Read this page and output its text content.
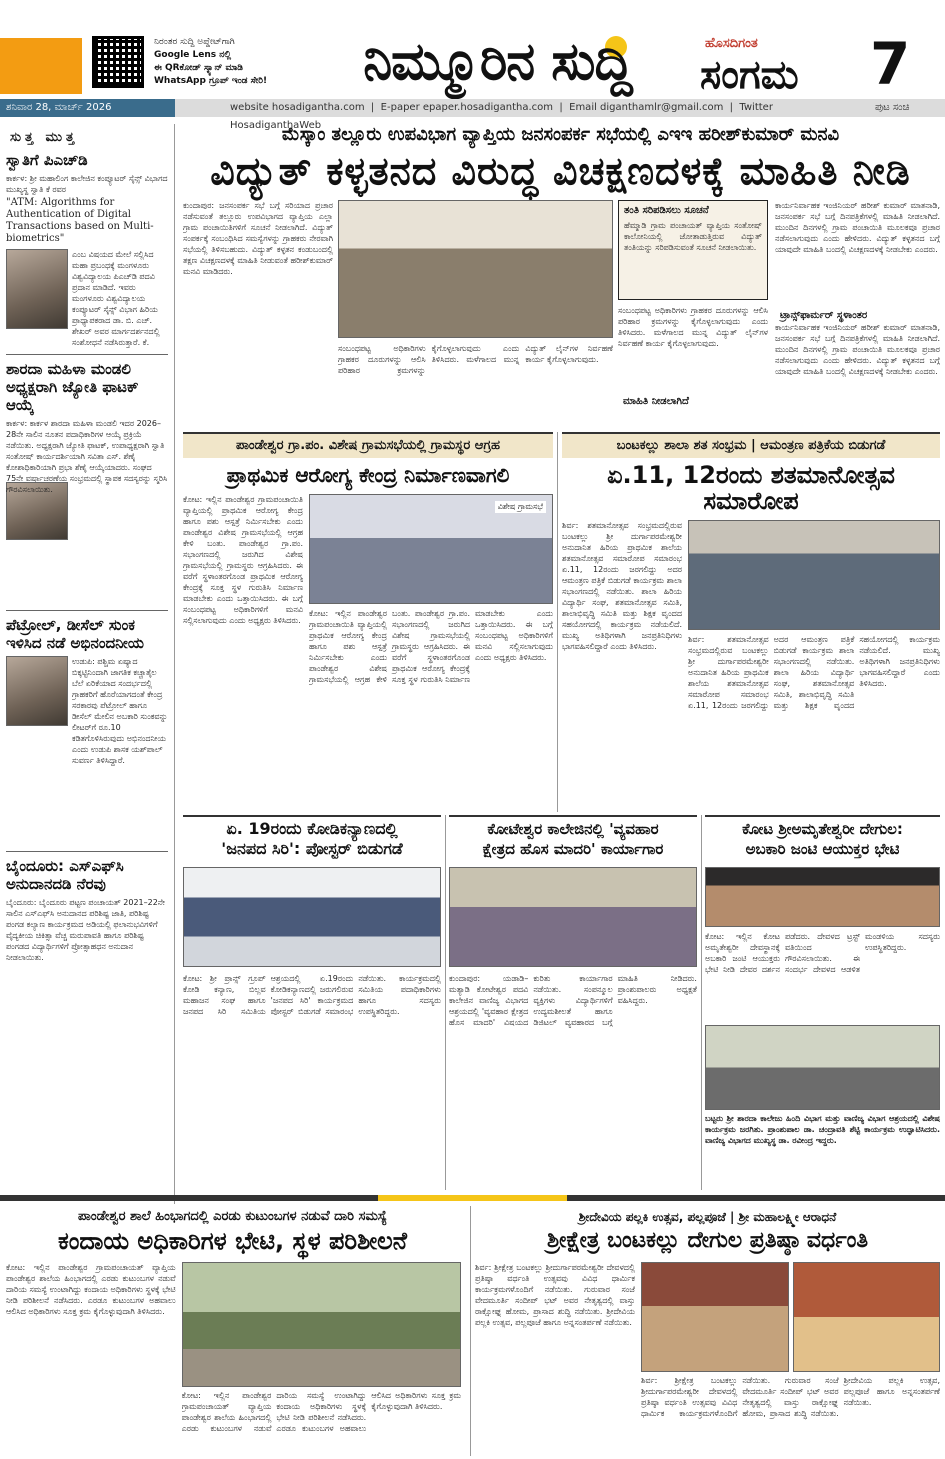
ನಿರಂತರ ಸುದ್ದಿ ಅಪ್ಡೇಟ್‌ಗಾಗಿ
Google Lens ನಲ್ಲಿ
ಈ QRಕೋಡ್ ಸ್ಕ್ಯಾನ್ ಮಾಡಿ
WhatsApp ಗ್ರೂಪ್ ಇಂಡ ಸೇರಿ!	ನಿಮ್ಮೂರಿನ ಸುದ್ದಿ	ಹೊಸದಿಗಂತ
ಸಂಗಮ 7
ಶನಿವಾರ 28, ಮಾರ್ಚ್ 2026	website hosadigantha.com  |  E-paper epaper.hosadigantha.com  |  Email diganthamlr@gmail.com  |  Twitter HosadiganthaWeb
ಪುಟ ಸಂಚಿ
ಸುತ್ತ ಮುತ್ತ
ಸ್ವಾತಿಗೆ ಪಿಎಚ್‌ಡಿ
ಕಾರ್ಕಳ: ಶ್ರೀ ಮಹಾಲಿಂಗ ಕಾಲೇಜಿನ ಕಂಪ್ಯೂಟರ್ ಸೈನ್ಸ್ ವಿಭಾಗದ ಮುಖ್ಯಸ್ಥ ಸ್ವಾತಿ ಕೆ ರವರ
"ATM: Algorithms for Authentication of Digital Transactions based on Multi-biometrics"
ಎಂಬ ವಿಷಯದ ಮೇಲೆ ಸಲ್ಲಿಸಿದ ಮಹಾ ಪ್ರಬಂಧಕ್ಕೆ ಮಂಗಳೂರು ವಿಶ್ವವಿದ್ಯಾಲಯ ಪಿಎಚ್‌ಡಿ ಪದವಿ ಪ್ರದಾನ ಮಾಡಿದೆ. ಇವರು ಮಂಗಳೂರು ವಿಶ್ವವಿದ್ಯಾಲಯ ಕಂಪ್ಯೂಟರ್ ಸೈನ್ಸ್ ವಿಭಾಗ ಹಿರಿಯ ಪ್ರಾಧ್ಯಾಪಕರಾದ ಡಾ. ಬಿ. ಎಚ್. ಶೇಖರ್ ಅವರ ಮಾರ್ಗದರ್ಶನದಲ್ಲಿ ಸಂಶೋಧನೆ ನಡೆಸಿರುತ್ತಾರೆ. ಕೆ.
ಶಾರದಾ ಮಹಿಳಾ ಮಂಡಲಿ ಅಧ್ಯಕ್ಷರಾಗಿ ಜ್ಯೋತಿ ಫಾಟಕ್ ಆಯ್ಕೆ
ಕಾರ್ಕಳ: ಕಾರ್ಕಳ ಶಾರದಾ ಮಹಿಳಾ ಮಂಡಲಿ ಇದರ 2026–28ನೇ ಸಾಲಿನ ನೂತನ ಪದಾಧಿಕಾರಿಗಳ ಆಯ್ಕೆ ಪ್ರಕ್ರಿಯೆ ನಡೆಯಿತು. ಅಧ್ಯಕ್ಷರಾಗಿ ಜ್ಯೋತಿ ಫಾಟಕ್, ಉಪಾಧ್ಯಕ್ಷರಾಗಿ ಸ್ವಾತಿ ಸಂತೋಷ್ ಕಾರ್ಯದರ್ಶಿಯಾಗಿ ಸವಿತಾ ಎಸ್. ಶೆಣೈ ಕೋಶಾಧಿಕಾರಿಯಾಗಿ ಪ್ರಭಾ ಶೆಣೈ ಆಯ್ಕೆಯಾದರು. ಸಂಘದ 75ನೇ ವರ್ಷಾಚರಣೆಯ ಸಂಭ್ರಮದಲ್ಲಿ ಸ್ಥಾಪಕ ಸದಸ್ಯರನ್ನು ಸ್ಮರಿಸಿ ಗೌರವಿಸಲಾಯಿತು.
ಪೆಟ್ರೋಲ್, ಡೀಸೆಲ್ ಸುಂಕ ಇಳಿಸಿದ ನಡೆ ಅಭಿನಂದನೀಯ
ಉಡುಪಿ: ಪಶ್ಚಿಮ ಏಷ್ಯಾದ ಬಿಕ್ಕಟ್ಟಿನಿಂದಾಗಿ ಜಾಗತಿಕ ಕಚ್ಚಾತೈಲ ಬೆಲೆ ಏರಿಕೆಯಾದ ಸಂದರ್ಭದಲ್ಲಿ ಗ್ರಾಹಕರಿಗೆ ಹೊರೆಯಾಗದಂತೆ ಕೇಂದ್ರ ಸರಕಾರವು ಪೆಟ್ರೋಲ್ ಹಾಗೂ ಡೀಸೆಲ್ ಮೇಲಿನ ಅಬಕಾರಿ ಸುಂಕವನ್ನು ಲೀಟರ್‌ಗೆ ರೂ.10 ಕಡಿತಗೊಳಿಸಿರುವುದು ಅಭಿನಂದನೀಯ ಎಂದು ಉಡುಪಿ ಶಾಸಕ ಯಶ್‌ಪಾಲ್ ಸುವರ್ಣ ತಿಳಿಸಿದ್ದಾರೆ.
ಬೈಂದೂರು: ಎಸ್‌ಎಫ್‌ಸಿ ಅನುದಾನದಡಿ ನೆರವು
ಬೈಂದೂರು: ಬೈಂದೂರು ಪಟ್ಟಣ ಪಂಚಾಯತ್ 2021–22ನೇ ಸಾಲಿನ ಎಸ್‌ಎಫ್‌ಸಿ ಅನುದಾನದ ಪರಿಶಿಷ್ಟ ಜಾತಿ, ಪರಿಶಿಷ್ಟ ಪಂಗಡ ಕಲ್ಯಾಣ ಕಾರ್ಯಕ್ರಮದ ಅಡಿಯಲ್ಲಿ ಫಲಾನುಭವಿಗಳಿಗೆ ವೈದ್ಯಕೀಯ ಚಿಕಿತ್ಸಾ ವೆಚ್ಚ ಮರುಪಾವತಿ ಹಾಗೂ ಪರಿಶಿಷ್ಟ ಪಂಗಡದ ವಿದ್ಯಾರ್ಥಿಗಳಿಗೆ ಪ್ರೋತ್ಸಾಹಧನ ಅನುದಾನ ನೀಡಲಾಯಿತು.
ಮೆಸ್ಕಾಂ ತಲ್ಲೂರು ಉಪವಿಭಾಗ ವ್ಯಾಪ್ತಿಯ ಜನಸಂಪರ್ಕ ಸಭೆಯಲ್ಲಿ ಎಇಇ ಹರೀಶ್‌ಕುಮಾರ್ ಮನವಿ
ವಿದ್ಯುತ್ ಕಳ್ಳತನದ ವಿರುದ್ಧ ವಿಚಕ್ಷಣದಳಕ್ಕೆ ಮಾಹಿತಿ ನೀಡಿ
ಕುಂದಾಪುರ: ಜನಸಂಪರ್ಕ ಸಭೆ ಬಗ್ಗೆ ಸರಿಯಾದ ಪ್ರಚಾರ ನಡೆಸುವಂತೆ ತಲ್ಲೂರು ಉಪವಿಭಾಗದ ವ್ಯಾಪ್ತಿಯ ಎಲ್ಲಾ ಗ್ರಾಮ ಪಂಚಾಯಿತಿಗಳಿಗೆ ಸೂಚನೆ ನೀಡಲಾಗಿದೆ. ವಿದ್ಯುತ್ ಸಂಪರ್ಕಕ್ಕೆ ಸಂಬಂಧಿಸಿದ ಸಮಸ್ಯೆಗಳನ್ನು ಗ್ರಾಹಕರು ನೇರವಾಗಿ ಸಭೆಯಲ್ಲಿ ತಿಳಿಸಬಹುದು. ವಿದ್ಯುತ್ ಕಳ್ಳತನ ಕಂಡುಬಂದಲ್ಲಿ ತಕ್ಷಣ ವಿಚಕ್ಷಣದಳಕ್ಕೆ ಮಾಹಿತಿ ನೀಡುವಂತೆ ಹರೀಶ್‌ಕುಮಾರ್ ಮನವಿ ಮಾಡಿದರು.
ಸಂಬಂಧಪಟ್ಟ ಅಧಿಕಾರಿಗಳು ಗ್ರಾಹಕರ ದೂರುಗಳನ್ನು ಆಲಿಸಿ ಪರಿಹಾರ ಕ್ರಮಗಳನ್ನು ಕೈಗೊಳ್ಳಲಾಗುವುದು ಎಂದು ತಿಳಿಸಿದರು. ಮಳೆಗಾಲದ ಮುನ್ನ ವಿದ್ಯುತ್ ಲೈನ್‌ಗಳ ನಿರ್ವಹಣೆ ಕಾರ್ಯ ಕೈಗೊಳ್ಳಲಾಗುವುದು.
ತಂತಿ ಸರಿಪಡಿಸಲು ಸೂಚನೆ
ಹೆಮ್ಮಾಡಿ ಗ್ರಾಮ ಪಂಚಾಯತ್ ವ್ಯಾಪ್ತಿಯ ಸಂತೋಷ್ ಕಾಲೋನಿಯಲ್ಲಿ ಜೋತಾಡುತ್ತಿರುವ ವಿದ್ಯುತ್ ತಂತಿಯನ್ನು ಸರಿಪಡಿಸುವಂತೆ ಸೂಚನೆ ನೀಡಲಾಯಿತು.
ಸಂಬಂಧಪಟ್ಟ ಅಧಿಕಾರಿಗಳು ಗ್ರಾಹಕರ ದೂರುಗಳನ್ನು ಆಲಿಸಿ ಪರಿಹಾರ ಕ್ರಮಗಳನ್ನು ಕೈಗೊಳ್ಳಲಾಗುವುದು ಎಂದು ತಿಳಿಸಿದರು. ಮಳೆಗಾಲದ ಮುನ್ನ ವಿದ್ಯುತ್ ಲೈನ್‌ಗಳ ನಿರ್ವಹಣೆ ಕಾರ್ಯ ಕೈಗೊಳ್ಳಲಾಗುವುದು.
ಮಾಹಿತಿ ನೀಡಲಾಗಿದೆ
ಕಾರ್ಯನಿರ್ವಾಹಕ ಇಂಜಿನಿಯರ್ ಹರೀಶ್ ಕುಮಾರ್ ಮಾತನಾಡಿ, ಜನಸಂಪರ್ಕ ಸಭೆ ಬಗ್ಗೆ ದಿನಪತ್ರಿಕೆಗಳಲ್ಲಿ ಮಾಹಿತಿ ನೀಡಲಾಗಿದೆ. ಮುಂದಿನ ದಿನಗಳಲ್ಲಿ ಗ್ರಾಮ ಪಂಚಾಯಿತಿ ಮೂಲಕವೂ ಪ್ರಚಾರ ನಡೆಸಲಾಗುವುದು ಎಂದು ಹೇಳಿದರು. ವಿದ್ಯುತ್ ಕಳ್ಳತನದ ಬಗ್ಗೆ ಯಾವುದೇ ಮಾಹಿತಿ ಬಂದಲ್ಲಿ ವಿಚಕ್ಷಣದಳಕ್ಕೆ ನೀಡಬೇಕು ಎಂದರು.
ಟ್ರಾನ್ಸ್‌ಫಾರ್ಮರ್ ಸ್ಥಳಾಂತರ
ಕಾರ್ಯನಿರ್ವಾಹಕ ಇಂಜಿನಿಯರ್ ಹರೀಶ್ ಕುಮಾರ್ ಮಾತನಾಡಿ, ಜನಸಂಪರ್ಕ ಸಭೆ ಬಗ್ಗೆ ದಿನಪತ್ರಿಕೆಗಳಲ್ಲಿ ಮಾಹಿತಿ ನೀಡಲಾಗಿದೆ. ಮುಂದಿನ ದಿನಗಳಲ್ಲಿ ಗ್ರಾಮ ಪಂಚಾಯಿತಿ ಮೂಲಕವೂ ಪ್ರಚಾರ ನಡೆಸಲಾಗುವುದು ಎಂದು ಹೇಳಿದರು. ವಿದ್ಯುತ್ ಕಳ್ಳತನದ ಬಗ್ಗೆ ಯಾವುದೇ ಮಾಹಿತಿ ಬಂದಲ್ಲಿ ವಿಚಕ್ಷಣದಳಕ್ಕೆ ನೀಡಬೇಕು ಎಂದರು.
ಪಾಂಡೇಶ್ವರ ಗ್ರಾ.ಪಂ. ವಿಶೇಷ ಗ್ರಾಮಸಭೆಯಲ್ಲಿ ಗ್ರಾಮಸ್ಥರ ಆಗ್ರಹ
ಪ್ರಾಥಮಿಕ ಆರೋಗ್ಯ ಕೇಂದ್ರ ನಿರ್ಮಾಣವಾಗಲಿ
ಕೋಟ: ಇಲ್ಲಿನ ಪಾಂಡೇಶ್ವರ ಗ್ರಾಮಪಂಚಾಯಿತಿ ವ್ಯಾಪ್ತಿಯಲ್ಲಿ ಪ್ರಾಥಮಿಕ ಆರೋಗ್ಯ ಕೇಂದ್ರ ಹಾಗೂ ಪಶು ಆಸ್ಪತ್ರೆ ನಿರ್ಮಿಸಬೇಕು ಎಂದು ಪಾಂಡೇಶ್ವರ ವಿಶೇಷ ಗ್ರಾಮಸಭೆಯಲ್ಲಿ ಆಗ್ರಹ ಕೇಳಿ ಬಂತು. ಪಾಂಡೇಶ್ವರ ಗ್ರಾ.ಪಂ. ಸಭಾಂಗಣದಲ್ಲಿ ಜರುಗಿದ ವಿಶೇಷ ಗ್ರಾಮಸಭೆಯಲ್ಲಿ ಗ್ರಾಮಸ್ಥರು ಆಗ್ರಹಿಸಿದರು. ಈ ವರೆಗೆ ಸ್ಥಳಾಂತರಗೊಂಡ ಪ್ರಾಥಮಿಕ ಆರೋಗ್ಯ ಕೇಂದ್ರಕ್ಕೆ ಸೂಕ್ತ ಸ್ಥಳ ಗುರುತಿಸಿ ನಿರ್ಮಾಣ ಮಾಡಬೇಕು ಎಂದು ಒತ್ತಾಯಿಸಿದರು. ಈ ಬಗ್ಗೆ ಸಂಬಂಧಪಟ್ಟ ಅಧಿಕಾರಿಗಳಿಗೆ ಮನವಿ ಸಲ್ಲಿಸಲಾಗುವುದು ಎಂದು ಅಧ್ಯಕ್ಷರು ತಿಳಿಸಿದರು.
ವಿಶೇಷ ಗ್ರಾಮಸಭೆ
ಕೋಟ: ಇಲ್ಲಿನ ಪಾಂಡೇಶ್ವರ ಗ್ರಾಮಪಂಚಾಯಿತಿ ವ್ಯಾಪ್ತಿಯಲ್ಲಿ ಪ್ರಾಥಮಿಕ ಆರೋಗ್ಯ ಕೇಂದ್ರ ಹಾಗೂ ಪಶು ಆಸ್ಪತ್ರೆ ನಿರ್ಮಿಸಬೇಕು ಎಂದು ಪಾಂಡೇಶ್ವರ ವಿಶೇಷ ಗ್ರಾಮಸಭೆಯಲ್ಲಿ ಆಗ್ರಹ ಕೇಳಿ ಬಂತು. ಪಾಂಡೇಶ್ವರ ಗ್ರಾ.ಪಂ. ಸಭಾಂಗಣದಲ್ಲಿ ಜರುಗಿದ ವಿಶೇಷ ಗ್ರಾಮಸಭೆಯಲ್ಲಿ ಗ್ರಾಮಸ್ಥರು ಆಗ್ರಹಿಸಿದರು. ಈ ವರೆಗೆ ಸ್ಥಳಾಂತರಗೊಂಡ ಪ್ರಾಥಮಿಕ ಆರೋಗ್ಯ ಕೇಂದ್ರಕ್ಕೆ ಸೂಕ್ತ ಸ್ಥಳ ಗುರುತಿಸಿ ನಿರ್ಮಾಣ ಮಾಡಬೇಕು ಎಂದು ಒತ್ತಾಯಿಸಿದರು. ಈ ಬಗ್ಗೆ ಸಂಬಂಧಪಟ್ಟ ಅಧಿಕಾರಿಗಳಿಗೆ ಮನವಿ ಸಲ್ಲಿಸಲಾಗುವುದು ಎಂದು ಅಧ್ಯಕ್ಷರು ತಿಳಿಸಿದರು.
ಬಂಟಕಲ್ಲು ಶಾಲಾ ಶತ ಸಂಭ್ರಮ | ಆಮಂತ್ರಣ ಪತ್ರಿಕೆಯ ಬಿಡುಗಡೆ
ಏ.11, 12ರಂದು ಶತಮಾನೋತ್ಸವ ಸಮಾರೋಪ
ಶಿರ್ವ: ಶತಮಾನೋತ್ಸವ ಸಂಭ್ರಮದಲ್ಲಿರುವ ಬಂಟಕಲ್ಲು ಶ್ರೀ ದುರ್ಗಾಪರಮೇಶ್ವರೀ ಅನುದಾನಿತ ಹಿರಿಯ ಪ್ರಾಥಮಿಕ ಶಾಲೆಯ ಶತಮಾನೋತ್ಸವ ಸಮಾರೋಪ ಸಮಾರಂಭ ಏ.11, 12ರಂದು ಜರಗಲಿದ್ದು ಅದರ ಆಮಂತ್ರಣ ಪತ್ರಿಕೆ ಬಿಡುಗಡೆ ಕಾರ್ಯಕ್ರಮ ಶಾಲಾ ಸಭಾಂಗಣದಲ್ಲಿ ನಡೆಯಿತು. ಶಾಲಾ ಹಿರಿಯ ವಿದ್ಯಾರ್ಥಿ ಸಂಘ, ಶತಮಾನೋತ್ಸವ ಸಮಿತಿ, ಶಾಲಾಭಿವೃದ್ಧಿ ಸಮಿತಿ ಮತ್ತು ಶಿಕ್ಷಕ ವೃಂದದ ಸಹಯೋಗದಲ್ಲಿ ಕಾರ್ಯಕ್ರಮ ನಡೆಯಲಿದೆ. ಮುಖ್ಯ ಅತಿಥಿಗಳಾಗಿ ಜನಪ್ರತಿನಿಧಿಗಳು ಭಾಗವಹಿಸಲಿದ್ದಾರೆ ಎಂದು ತಿಳಿಸಿದರು.
ಶಿರ್ವ: ಶತಮಾನೋತ್ಸವ ಸಂಭ್ರಮದಲ್ಲಿರುವ ಬಂಟಕಲ್ಲು ಶ್ರೀ ದುರ್ಗಾಪರಮೇಶ್ವರೀ ಅನುದಾನಿತ ಹಿರಿಯ ಪ್ರಾಥಮಿಕ ಶಾಲೆಯ ಶತಮಾನೋತ್ಸವ ಸಮಾರೋಪ ಸಮಾರಂಭ ಏ.11, 12ರಂದು ಜರಗಲಿದ್ದು ಅದರ ಆಮಂತ್ರಣ ಪತ್ರಿಕೆ ಬಿಡುಗಡೆ ಕಾರ್ಯಕ್ರಮ ಶಾಲಾ ಸಭಾಂಗಣದಲ್ಲಿ ನಡೆಯಿತು. ಶಾಲಾ ಹಿರಿಯ ವಿದ್ಯಾರ್ಥಿ ಸಂಘ, ಶತಮಾನೋತ್ಸವ ಸಮಿತಿ, ಶಾಲಾಭಿವೃದ್ಧಿ ಸಮಿತಿ ಮತ್ತು ಶಿಕ್ಷಕ ವೃಂದದ ಸಹಯೋಗದಲ್ಲಿ ಕಾರ್ಯಕ್ರಮ ನಡೆಯಲಿದೆ. ಮುಖ್ಯ ಅತಿಥಿಗಳಾಗಿ ಜನಪ್ರತಿನಿಧಿಗಳು ಭಾಗವಹಿಸಲಿದ್ದಾರೆ ಎಂದು ತಿಳಿಸಿದರು.
ಏ. 19ರಂದು ಕೋಡಿಕನ್ಯಾಣದಲ್ಲಿ
'ಜನಪದ ಸಿರಿ': ಪೋಸ್ಟರ್ ಬಿಡುಗಡೆ
ಕೋಟ: ಶ್ರೀ ಪ್ರಾನ್ಸ್ ಗ್ರೂಪ್ ಕೋಡಿ ಕನ್ಯಾಣ, ಬಿಲ್ಲವ ಮಹಾಜನ ಸಂಘ ಹಾಗೂ ಜನಪದ ಸಿರಿ ಸಮಿತಿಯ ಆಶ್ರಯದಲ್ಲಿ ಏ.19ರಂದು ಕೋಡಿಕನ್ಯಾಣದಲ್ಲಿ ಜರುಗಲಿರುವ 'ಜನಪದ ಸಿರಿ' ಕಾರ್ಯಕ್ರಮದ ಪೋಸ್ಟರ್ ಬಿಡುಗಡೆ ಸಮಾರಂಭ ನಡೆಯಿತು. ಕಾರ್ಯಕ್ರಮದಲ್ಲಿ ಸಮಿತಿಯ ಪದಾಧಿಕಾರಿಗಳು ಹಾಗೂ ಸದಸ್ಯರು ಉಪಸ್ಥಿತರಿದ್ದರು.
ಕೋಟೇಶ್ವರ ಕಾಲೇಜಿನಲ್ಲಿ 'ವ್ಯವಹಾರ
ಕ್ಷೇತ್ರದ ಹೊಸ ಮಾದರಿ' ಕಾರ್ಯಾಗಾರ
ಕುಂದಾಪುರ: ಯಡಾಡಿ–ಮತ್ಯಾಡಿ ಕೋಟೇಶ್ವರ ಪದವಿ ಕಾಲೇಜಿನ ವಾಣಿಜ್ಯ ವಿಭಾಗದ ಆಶ್ರಯದಲ್ಲಿ 'ವ್ಯವಹಾರ ಕ್ಷೇತ್ರದ ಹೊಸ ಮಾದರಿ' ವಿಷಯದ ಕುರಿತು ಕಾರ್ಯಾಗಾರ ನಡೆಯಿತು. ಸಂಪನ್ಮೂಲ ವ್ಯಕ್ತಿಗಳು ವಿದ್ಯಾರ್ಥಿಗಳಿಗೆ ಉದ್ಯಮಶೀಲತೆ ಹಾಗೂ ಡಿಜಿಟಲ್ ವ್ಯವಹಾರದ ಬಗ್ಗೆ ಮಾಹಿತಿ ನೀಡಿದರು. ಪ್ರಾಂಶುಪಾಲರು ಅಧ್ಯಕ್ಷತೆ ವಹಿಸಿದ್ದರು.
ಕೋಟ ಶ್ರೀಅಮೃತೇಶ್ವರೀ ದೇಗುಲ:
ಅಬಕಾರಿ ಜಂಟಿ ಆಯುಕ್ತರ ಭೇಟಿ
ಕೋಟ: ಇಲ್ಲಿನ ಕೋಟ ಅಮೃತೇಶ್ವರೀ ದೇವಸ್ಥಾನಕ್ಕೆ ಅಬಕಾರಿ ಜಂಟಿ ಆಯುಕ್ತರು ಭೇಟಿ ನೀಡಿ ದೇವರ ದರ್ಶನ ಪಡೆದರು. ದೇವಳದ ಟ್ರಸ್ಟ್ ವತಿಯಿಂದ ಗೌರವಿಸಲಾಯಿತು. ಈ ಸಂದರ್ಭ ದೇವಳದ ಆಡಳಿತ ಮಂಡಳಿಯ ಸದಸ್ಯರು ಉಪಸ್ಥಿತರಿದ್ದರು.
ಬಟ್ಟರು ಶ್ರೀ ಶಾರದಾ ಕಾಲೇಜು ಹಿಂದಿ ವಿಭಾಗ ಮತ್ತು ವಾಣಿಜ್ಯ ವಿಭಾಗ ಆಶ್ರಯದಲ್ಲಿ ವಿಶೇಷ ಕಾರ್ಯಕ್ರಮ ಜರಗಿತು. ಪ್ರಾಂಶುಪಾಲ ಡಾ. ಚಂದ್ರಾವತಿ ಶೆಟ್ಟಿ ಕಾರ್ಯಕ್ರಮ ಉದ್ಘಾಟಿಸಿದರು. ವಾಣಿಜ್ಯ ವಿಭಾಗದ ಮುಖ್ಯಸ್ಥ ಡಾ. ರವೀಂದ್ರ ಇದ್ದರು.
ಪಾಂಡೇಶ್ವರ ಶಾಲೆ ಹಿಂಭಾಗದಲ್ಲಿ ಎರಡು ಕುಟುಂಬಗಳ ನಡುವೆ ದಾರಿ ಸಮಸ್ಯೆ
ಕಂದಾಯ ಅಧಿಕಾರಿಗಳ ಭೇಟಿ, ಸ್ಥಳ ಪರಿಶೀಲನೆ
ಕೋಟ: ಇಲ್ಲಿನ ಪಾಂಡೇಶ್ವರ ಗ್ರಾಮಪಂಚಾಯತ್ ವ್ಯಾಪ್ತಿಯ ಪಾಂಡೇಶ್ವರ ಶಾಲೆಯ ಹಿಂಭಾಗದಲ್ಲಿ ಎರಡು ಕುಟುಂಬಗಳ ನಡುವೆ ದಾರಿಯ ಸಮಸ್ಯೆ ಉಂಟಾಗಿದ್ದು ಕಂದಾಯ ಅಧಿಕಾರಿಗಳು ಸ್ಥಳಕ್ಕೆ ಭೇಟಿ ನೀಡಿ ಪರಿಶೀಲನೆ ನಡೆಸಿದರು. ಎರಡೂ ಕುಟುಂಬಗಳ ಅಹವಾಲು ಆಲಿಸಿದ ಅಧಿಕಾರಿಗಳು ಸೂಕ್ತ ಕ್ರಮ ಕೈಗೊಳ್ಳುವುದಾಗಿ ತಿಳಿಸಿದರು.
ಕೋಟ: ಇಲ್ಲಿನ ಪಾಂಡೇಶ್ವರ ಗ್ರಾಮಪಂಚಾಯತ್ ವ್ಯಾಪ್ತಿಯ ಪಾಂಡೇಶ್ವರ ಶಾಲೆಯ ಹಿಂಭಾಗದಲ್ಲಿ ಎರಡು ಕುಟುಂಬಗಳ ನಡುವೆ ದಾರಿಯ ಸಮಸ್ಯೆ ಉಂಟಾಗಿದ್ದು ಕಂದಾಯ ಅಧಿಕಾರಿಗಳು ಸ್ಥಳಕ್ಕೆ ಭೇಟಿ ನೀಡಿ ಪರಿಶೀಲನೆ ನಡೆಸಿದರು. ಎರಡೂ ಕುಟುಂಬಗಳ ಅಹವಾಲು ಆಲಿಸಿದ ಅಧಿಕಾರಿಗಳು ಸೂಕ್ತ ಕ್ರಮ ಕೈಗೊಳ್ಳುವುದಾಗಿ ತಿಳಿಸಿದರು.
ಶ್ರೀದೇವಿಯ ಪಲ್ಲಕಿ ಉತ್ಸವ, ಪಲ್ಲಪೂಜೆ | ಶ್ರೀ ಮಹಾಲಕ್ಷ್ಮೀ ಆರಾಧನೆ
ಶ್ರೀಕ್ಷೇತ್ರ ಬಂಟಕಲ್ಲು ದೇಗುಲ ಪ್ರತಿಷ್ಠಾ ವರ್ಧಂತಿ
ಶಿರ್ವ: ಶ್ರೀಕ್ಷೇತ್ರ ಬಂಟಕಲ್ಲು ಶ್ರೀದುರ್ಗಾಪರಮೇಶ್ವರೀ ದೇವಳದಲ್ಲಿ ಪ್ರತಿಷ್ಠಾ ವರ್ಧಂತಿ ಉತ್ಸವವು ವಿವಿಧ ಧಾರ್ಮಿಕ ಕಾರ್ಯಕ್ರಮಗಳೊಂದಿಗೆ ನಡೆಯಿತು. ಗುರುವಾರ ಸಂಜೆ ವೇದಮೂರ್ತಿ ಸಂದೀಪ್ ಭಟ್ ಅವರ ನೇತೃತ್ವದಲ್ಲಿ ವಾಸ್ತು ರಾಕ್ಷೋಘ್ನ ಹೋಮ, ಪ್ರಾಸಾದ ಶುದ್ಧಿ ನಡೆಯಿತು. ಶ್ರೀದೇವಿಯ ಪಲ್ಲಕಿ ಉತ್ಸವ, ಪಲ್ಲಪೂಜೆ ಹಾಗೂ ಅನ್ನಸಂತರ್ಪಣೆ ನಡೆಯಿತು.
ಶಿರ್ವ: ಶ್ರೀಕ್ಷೇತ್ರ ಬಂಟಕಲ್ಲು ಶ್ರೀದುರ್ಗಾಪರಮೇಶ್ವರೀ ದೇವಳದಲ್ಲಿ ಪ್ರತಿಷ್ಠಾ ವರ್ಧಂತಿ ಉತ್ಸವವು ವಿವಿಧ ಧಾರ್ಮಿಕ ಕಾರ್ಯಕ್ರಮಗಳೊಂದಿಗೆ ನಡೆಯಿತು. ಗುರುವಾರ ಸಂಜೆ ವೇದಮೂರ್ತಿ ಸಂದೀಪ್ ಭಟ್ ಅವರ ನೇತೃತ್ವದಲ್ಲಿ ವಾಸ್ತು ರಾಕ್ಷೋಘ್ನ ಹೋಮ, ಪ್ರಾಸಾದ ಶುದ್ಧಿ ನಡೆಯಿತು. ಶ್ರೀದೇವಿಯ ಪಲ್ಲಕಿ ಉತ್ಸವ, ಪಲ್ಲಪೂಜೆ ಹಾಗೂ ಅನ್ನಸಂತರ್ಪಣೆ ನಡೆಯಿತು.
